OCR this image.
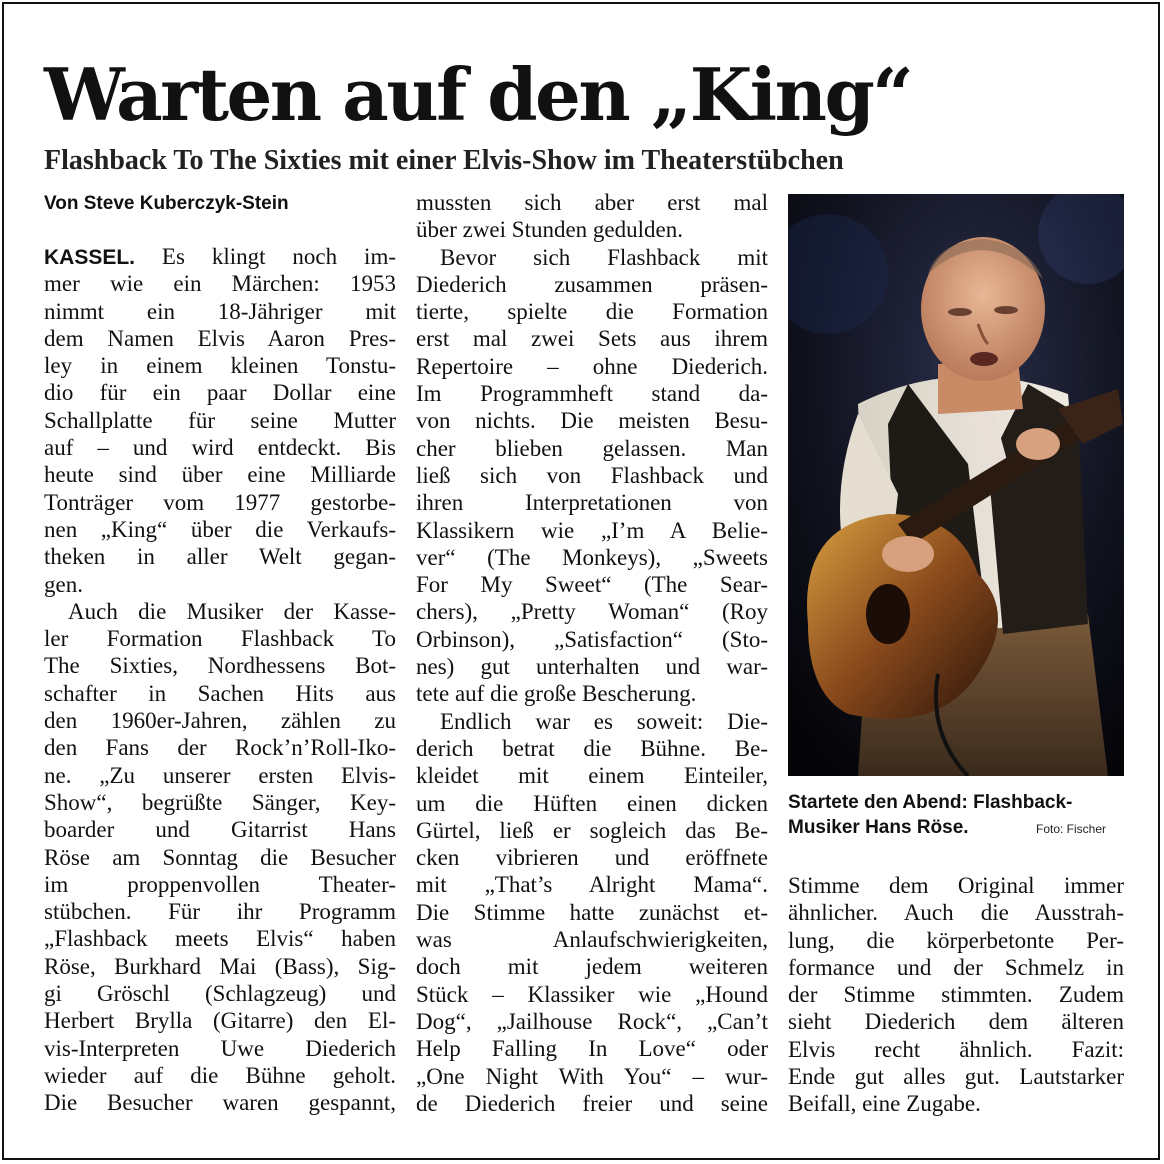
Warten auf den „King“
Flashback To The Sixties mit einer Elvis-Show im Theaterstübchen
Von Steve Kuberczyk-Stein
KASSEL. Es klingt noch im-
mer wie ein Märchen: 1953
nimmt ein 18-Jähriger mit
dem Namen Elvis Aaron Pres-
ley in einem kleinen Tonstu-
dio für ein paar Dollar eine
Schallplatte für seine Mutter
auf – und wird entdeckt. Bis
heute sind über eine Milliarde
Tonträger vom 1977 gestorbe-
nen „King“ über die Verkaufs-
theken in aller Welt gegan-
gen.
Auch die Musiker der Kasse-
ler Formation Flashback To
The Sixties, Nordhessens Bot-
schafter in Sachen Hits aus
den 1960er-Jahren, zählen zu
den Fans der Rock’n’Roll-Iko-
ne. „Zu unserer ersten Elvis-
Show“, begrüßte Sänger, Key-
boarder und Gitarrist Hans
Röse am Sonntag die Besucher
im proppenvollen Theater-
stübchen. Für ihr Programm
„Flashback meets Elvis“ haben
Röse, Burkhard Mai (Bass), Sig-
gi Gröschl (Schlagzeug) und
Herbert Brylla (Gitarre) den El-
vis-Interpreten Uwe Diederich
wieder auf die Bühne geholt.
Die Besucher waren gespannt,
mussten sich aber erst mal
über zwei Stunden gedulden.
Bevor sich Flashback mit
Diederich zusammen präsen-
tierte, spielte die Formation
erst mal zwei Sets aus ihrem
Repertoire – ohne Diederich.
Im Programmheft stand da-
von nichts. Die meisten Besu-
cher blieben gelassen. Man
ließ sich von Flashback und
ihren Interpretationen von
Klassikern wie „I’m A Belie-
ver“ (The Monkeys), „Sweets
For My Sweet“ (The Sear-
chers), „Pretty Woman“ (Roy
Orbinson), „Satisfaction“ (Sto-
nes) gut unterhalten und war-
tete auf die große Bescherung.
Endlich war es soweit: Die-
derich betrat die Bühne. Be-
kleidet mit einem Einteiler,
um die Hüften einen dicken
Gürtel, ließ er sogleich das Be-
cken vibrieren und eröffnete
mit „That’s Alright Mama“.
Die Stimme hatte zunächst et-
was Anlaufschwierigkeiten,
doch mit jedem weiteren
Stück – Klassiker wie „Hound
Dog“, „Jailhouse Rock“, „Can’t
Help Falling In Love“ oder
„One Night With You“ – wur-
de Diederich freier und seine
Startete den Abend: Flashback-
Musiker Hans Röse.	Foto: Fischer
Stimme dem Original immer
ähnlicher. Auch die Ausstrah-
lung, die körperbetonte Per-
formance und der Schmelz in
der Stimme stimmten. Zudem
sieht Diederich dem älteren
Elvis recht ähnlich. Fazit:
Ende gut alles gut. Lautstarker
Beifall, eine Zugabe.
